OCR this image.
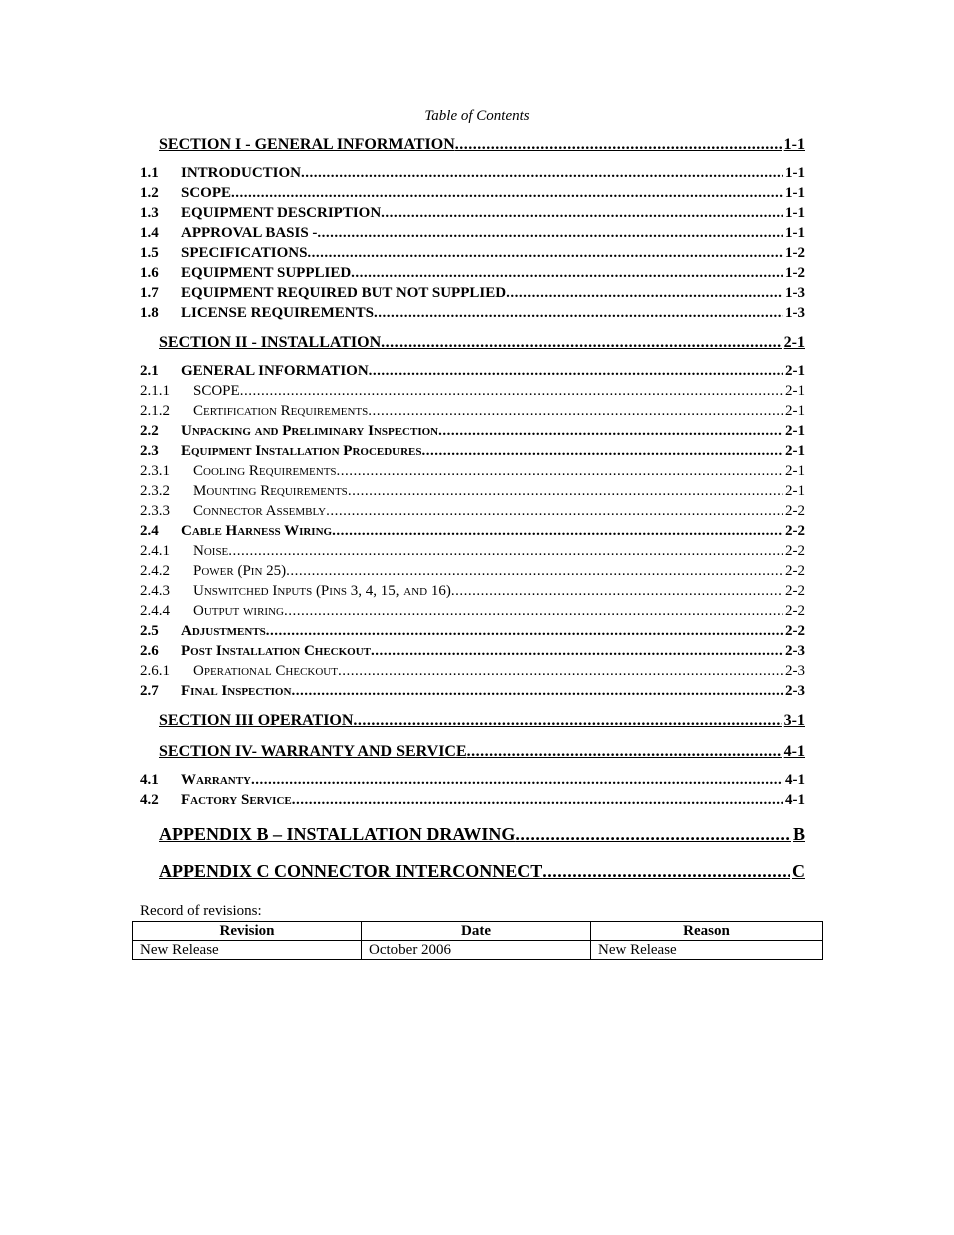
Table of Contents
SECTION I - GENERAL INFORMATION .....	1-1
1.1	INTRODUCTION .....	1-1
1.2	SCOPE .....	1-1
1.3	EQUIPMENT DESCRIPTION .....	1-1
1.4	APPROVAL BASIS - .....	1-1
1.5	SPECIFICATIONS .....	1-2
1.6	EQUIPMENT SUPPLIED .....	1-2
1.7	EQUIPMENT REQUIRED BUT NOT SUPPLIED .....	1-3
1.8	LICENSE REQUIREMENTS .....	1-3
SECTION II - INSTALLATION .....	2-1
2.1	GENERAL INFORMATION .....	2-1
2.1.1	SCOPE .....	2-1
2.1.2	Certification Requirements .....	2-1
2.2	Unpacking and Preliminary Inspection .....	2-1
2.3	Equipment Installation Procedures .....	2-1
2.3.1	Cooling Requirements .....	2-1
2.3.2	Mounting Requirements .....	2-1
2.3.3	Connector Assembly .....	2-2
2.4	Cable Harness Wiring .....	2-2
2.4.1	Noise .....	2-2
2.4.2	Power (Pin 25) .....	2-2
2.4.3	Unswitched Inputs (Pins 3, 4, 15, and 16) .....	2-2
2.4.4	Output wiring .....	2-2
2.5	Adjustments .....	2-2
2.6	Post Installation Checkout .....	2-3
2.6.1	Operational Checkout .....	2-3
2.7	Final Inspection .....	2-3
SECTION III OPERATION .....	3-1
SECTION IV- WARRANTY AND SERVICE .....	4-1
4.1	Warranty .....	4-1
4.2	Factory Service .....	4-1
APPENDIX B – INSTALLATION DRAWING .....	B
APPENDIX C CONNECTOR INTERCONNECT .....	C
Record of revisions:
Revision	Date	Reason
New Release	October 2006	New Release
